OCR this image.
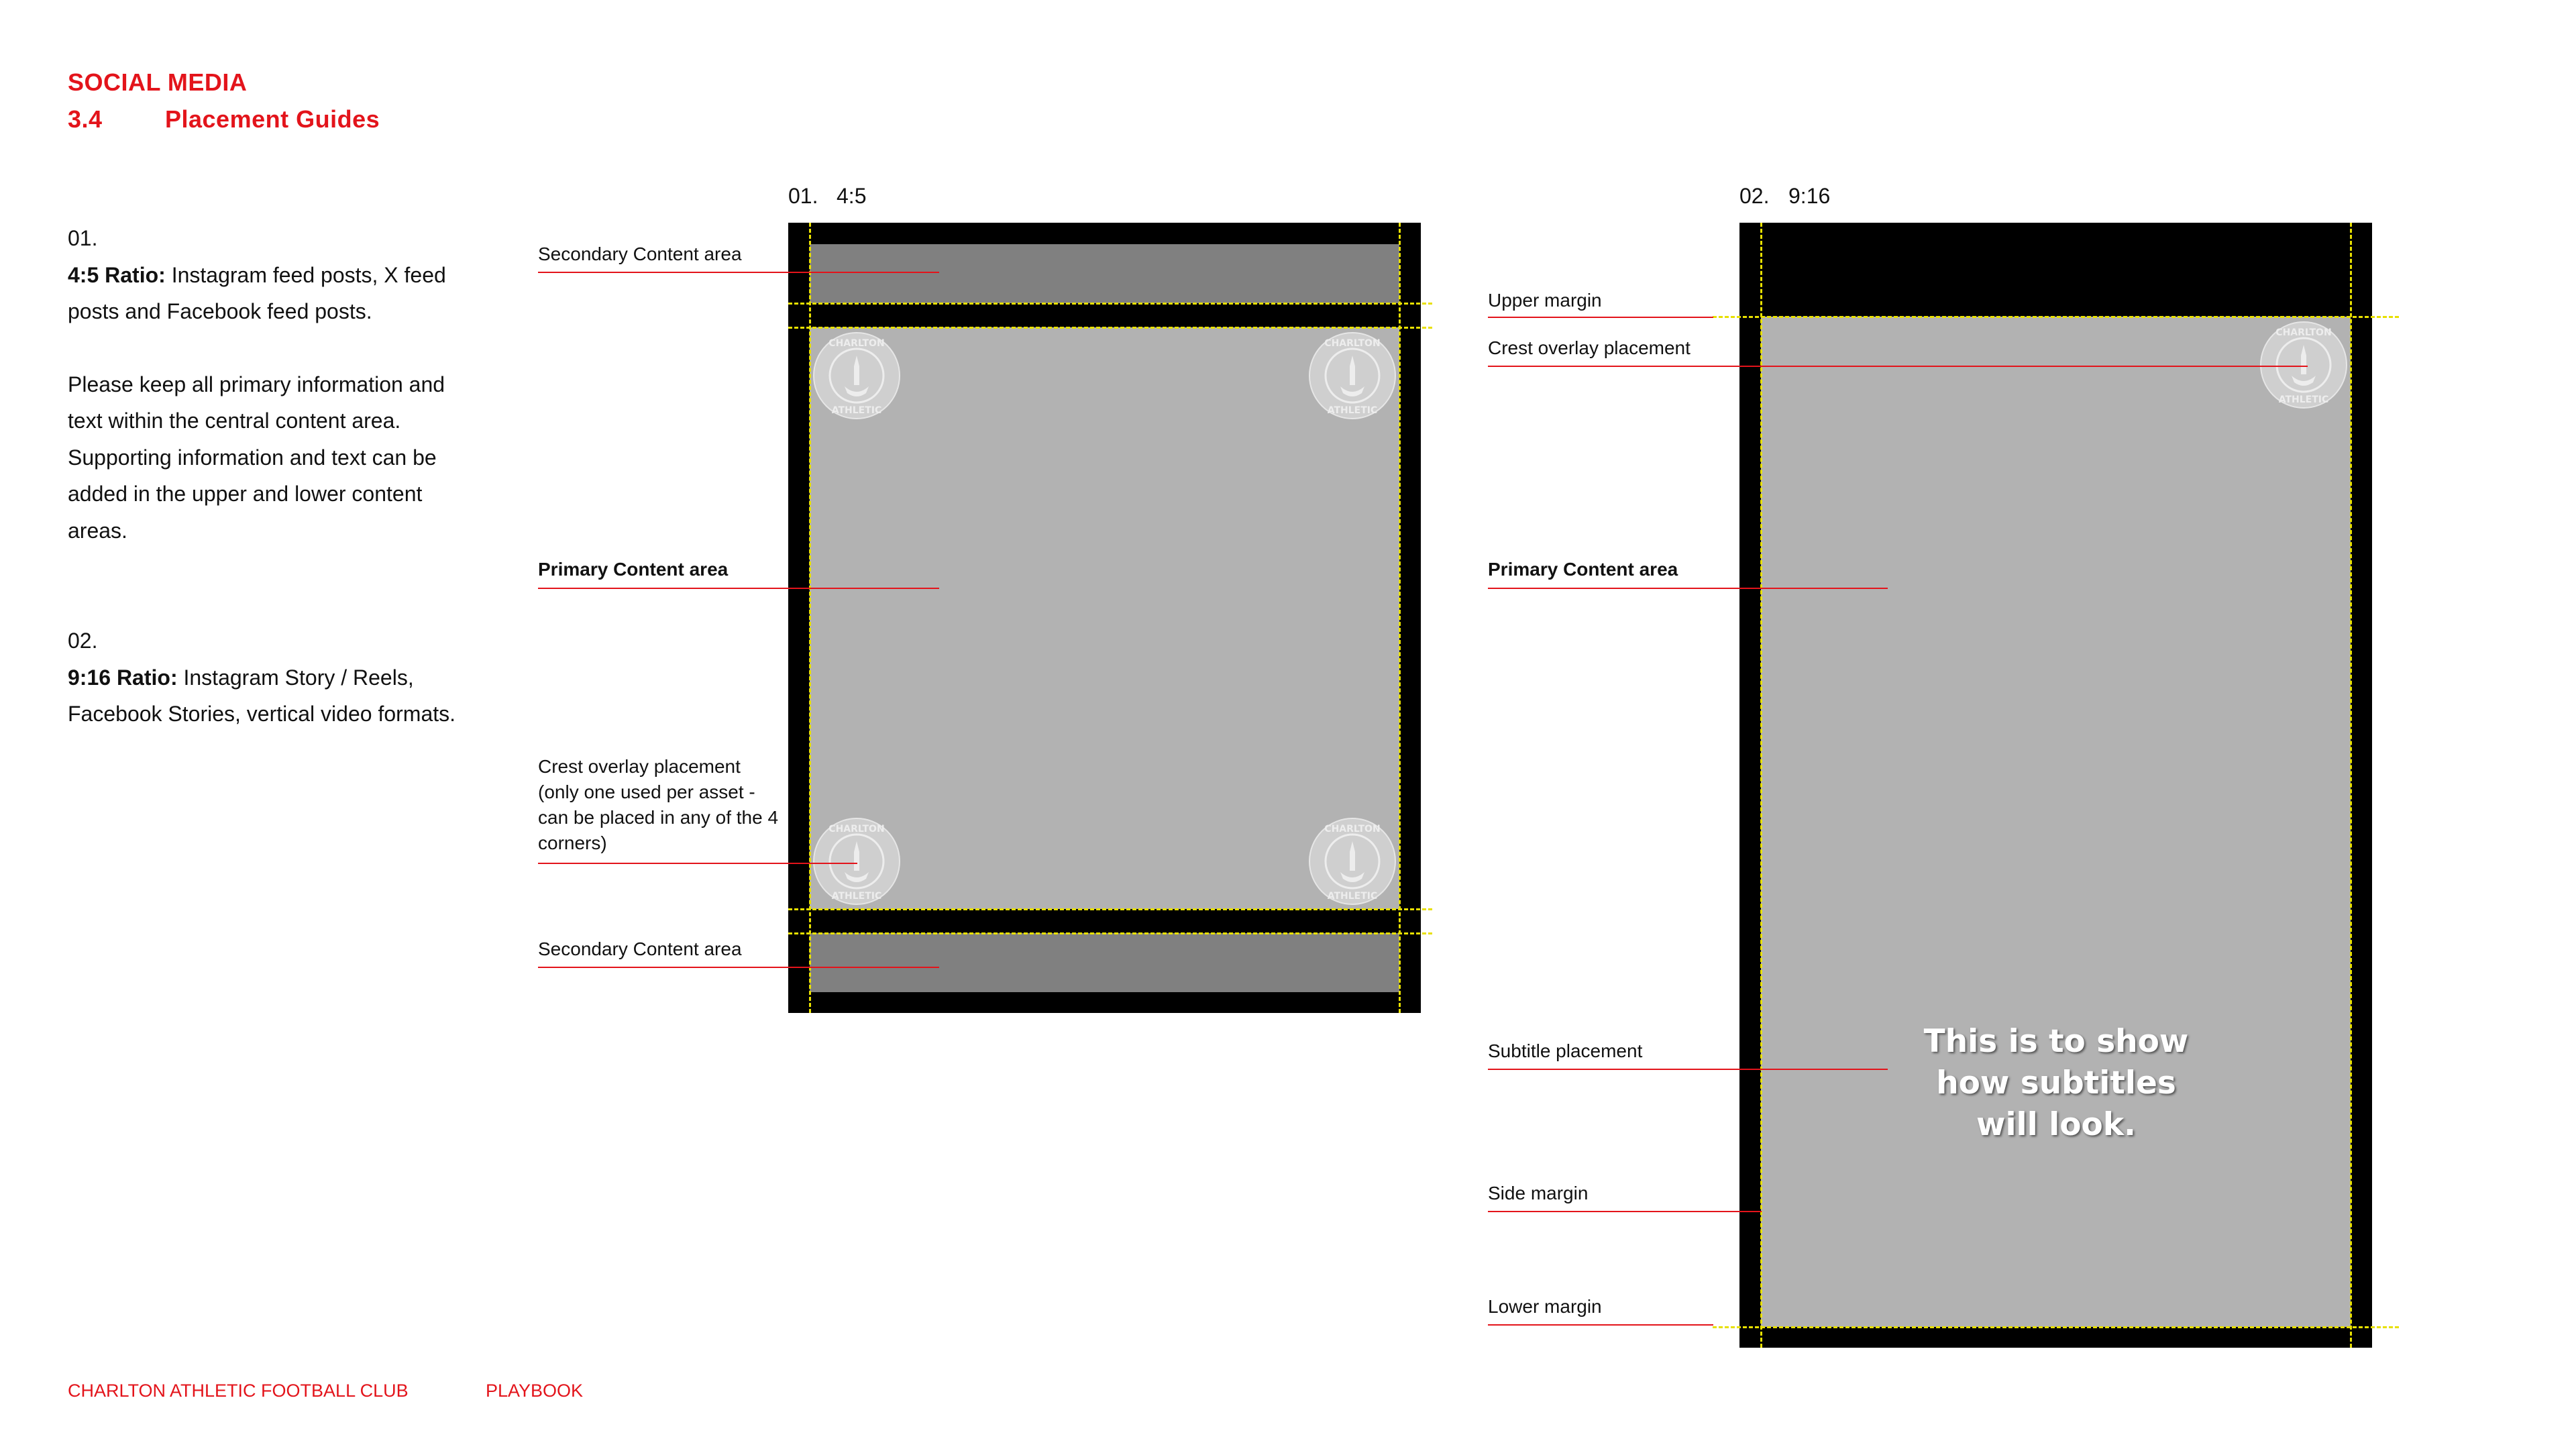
SOCIAL MEDIA
3.4	Placement Guides

01.

4:5 Ratio: Instagram feed posts, X feed posts and Facebook feed posts.

Please keep all primary information and text within the central content area. Supporting information and text can be added in the upper and lower content areas.

02.

9:16 Ratio: Instagram Story / Reels, Facebook Stories, vertical video formats.

01. 4:5
CHARLTON
ATHLETIC
CHARLTON
ATHLETIC
CHARLTON
ATHLETIC
CHARLTON
ATHLETIC
Secondary Content area
Primary Content area
Crest overlay placement (only one used per asset - can be placed in any of the 4 corners)
Secondary Content area
02. 9:16
CHARLTON
ATHLETIC
This is to show how subtitles will look.
Upper margin
Crest overlay placement
Primary Content area
Subtitle placement
Side margin
Lower margin
CHARLTON ATHLETIC FOOTBALL CLUB	PLAYBOOK
